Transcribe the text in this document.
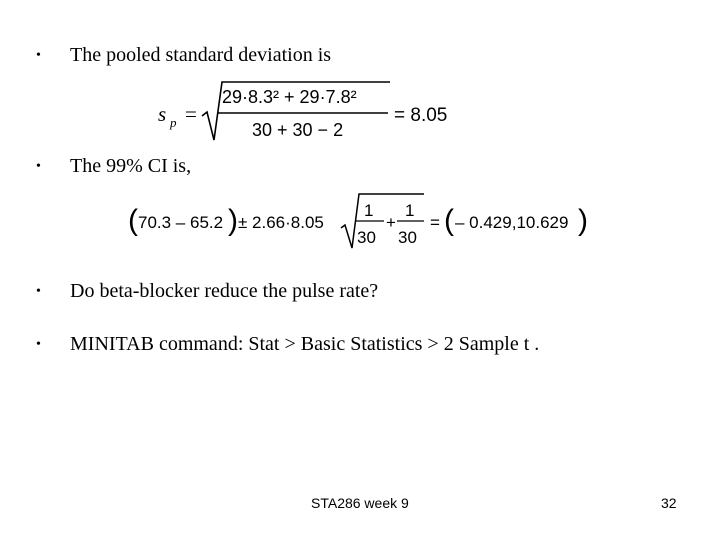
•	The pooled standard deviation is
s p =
29·8.3² + 29·7.8²
30 + 30 − 2
= 8.05
•	The 99% CI is,
( 70.3 – 65.2 ) ± 2.66·8.05
1
30
+
1
30
= ( – 0.429,10.629 )
•	Do beta-blocker reduce the pulse rate?
•	MINITAB command: Stat > Basic Statistics > 2 Sample t .
STA286 week 9	32
